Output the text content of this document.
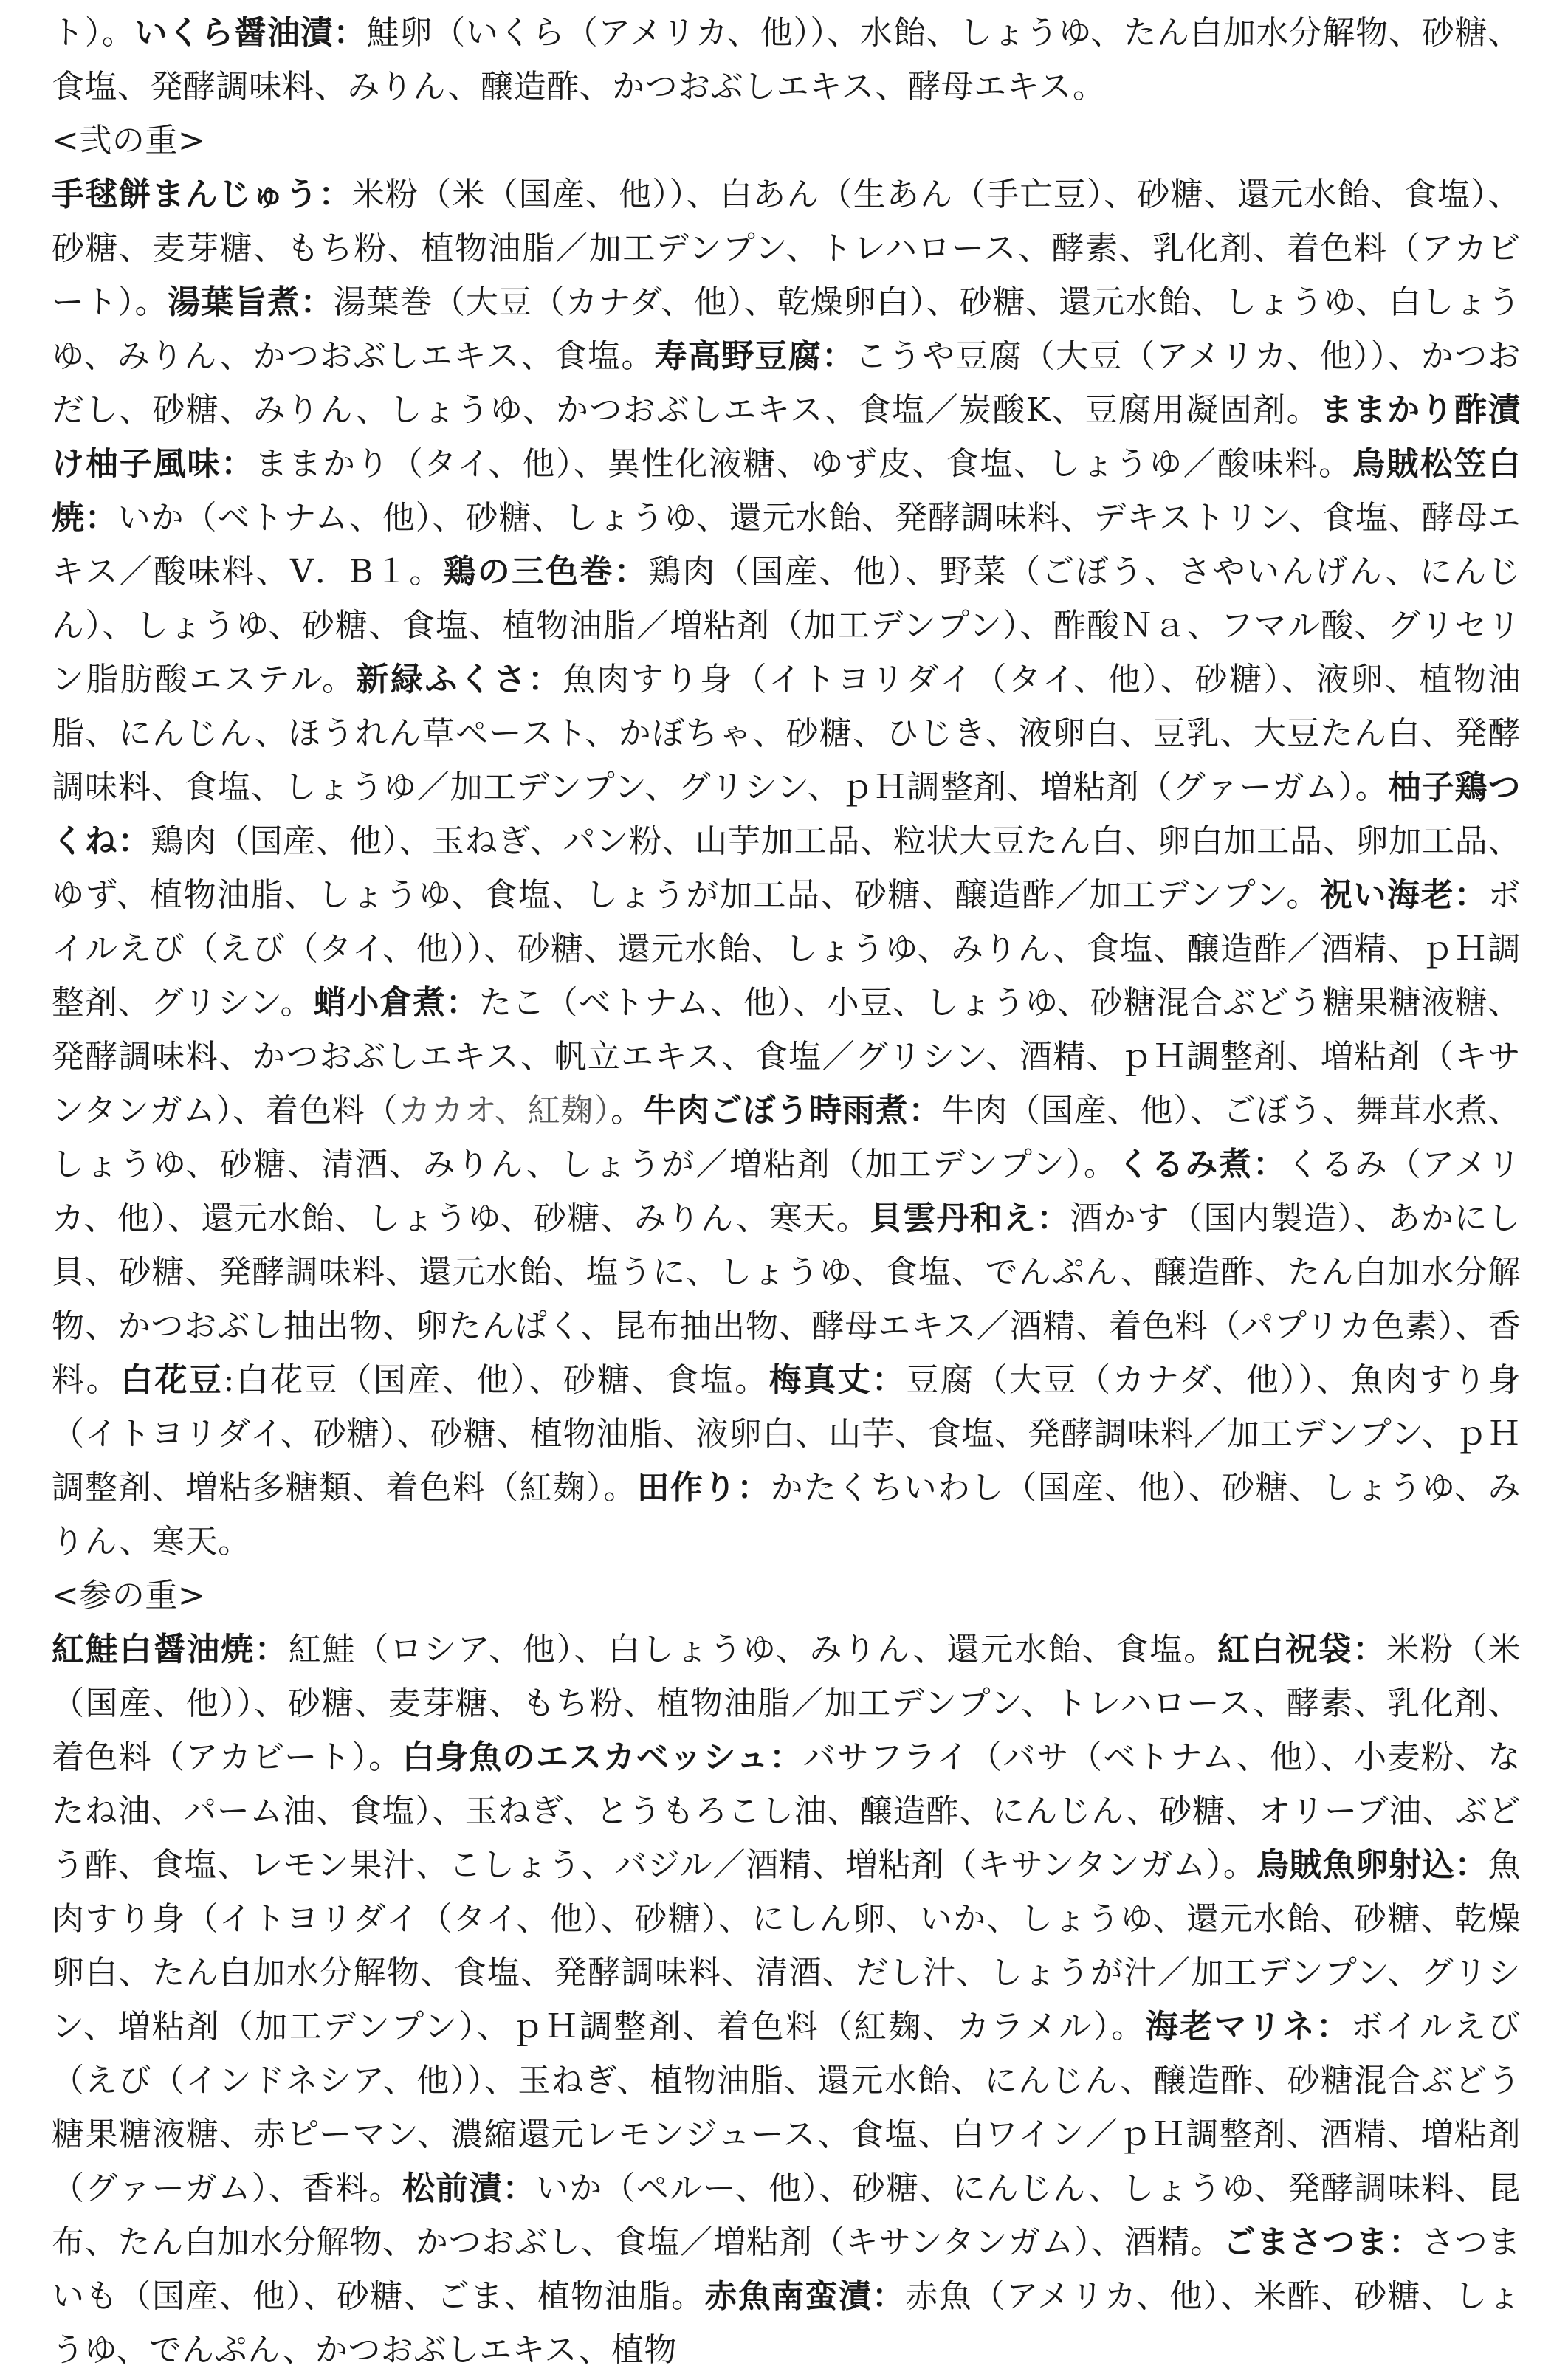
ト）。いくら醤油漬：鮭卵（いくら（アメリカ、他））、水飴、しょうゆ、たん白加水分解物、砂糖、食塩、発酵調味料、みりん、醸造酢、かつおぶしエキス、酵母エキス。

<弐の重>

手毬餅まんじゅう：米粉（米（国産、他））、白あん（生あん（手亡豆）、砂糖、還元水飴、食塩）、砂糖、麦芽糖、もち粉、植物油脂／加工デンプン、トレハロース、酵素、乳化剤、着色料（アカビート）。湯葉旨煮：湯葉巻（大豆（カナダ、他）、乾燥卵白）、砂糖、還元水飴、しょうゆ、白しょうゆ、みりん、かつおぶしエキス、食塩。寿高野豆腐：こうや豆腐（大豆（アメリカ、他））、かつおだし、砂糖、みりん、しょうゆ、かつおぶしエキス、食塩／炭酸K、豆腐用凝固剤。ままかり酢漬け柚子風味：ままかり（タイ、他）、異性化液糖、ゆず皮、食塩、しょうゆ／酸味料。烏賊松笠白焼：いか（ベトナム、他）、砂糖、しょうゆ、還元水飴、発酵調味料、デキストリン、食塩、酵母エキス／酸味料、V．B１。鶏の三色巻：鶏肉（国産、他）、野菜（ごぼう、さやいんげん、にんじん）、しょうゆ、砂糖、食塩、植物油脂／増粘剤（加工デンプン）、酢酸Ｎａ、フマル酸、グリセリン脂肪酸エステル。新緑ふくさ：魚肉すり身（イトヨリダイ（タイ、他）、砂糖）、液卵、植物油脂、にんじん、ほうれん草ペースト、かぼちゃ、砂糖、ひじき、液卵白、豆乳、大豆たん白、発酵調味料、食塩、しょうゆ／加工デンプン、グリシン、ｐＨ調整剤、増粘剤（グァーガム）。柚子鶏つくね：鶏肉（国産、他）、玉ねぎ、パン粉、山芋加工品、粒状大豆たん白、卵白加工品、卵加工品、ゆず、植物油脂、しょうゆ、食塩、しょうが加工品、砂糖、醸造酢／加工デンプン。祝い海老：ボイルえび（えび（タイ、他））、砂糖、還元水飴、しょうゆ、みりん、食塩、醸造酢／酒精、ｐＨ調整剤、グリシン。蛸小倉煮：たこ（ベトナム、他）、小豆、しょうゆ、砂糖混合ぶどう糖果糖液糖、発酵調味料、かつおぶしエキス、帆立エキス、食塩／グリシン、酒精、ｐＨ調整剤、増粘剤（キサンタンガム）、着色料（カカオ、紅麹）。牛肉ごぼう時雨煮：牛肉（国産、他）、ごぼう、舞茸水煮、しょうゆ、砂糖、清酒、みりん、しょうが／増粘剤（加工デンプン）。くるみ煮：くるみ（アメリカ、他）、還元水飴、しょうゆ、砂糖、みりん、寒天。貝雲丹和え：酒かす（国内製造）、あかにし貝、砂糖、発酵調味料、還元水飴、塩うに、しょうゆ、食塩、でんぷん、醸造酢、たん白加水分解物、かつおぶし抽出物、卵たんぱく、昆布抽出物、酵母エキス／酒精、着色料（パプリカ色素）、香料。白花豆:白花豆（国産、他）、砂糖、食塩。梅真丈：豆腐（大豆（カナダ、他））、魚肉すり身（イトヨリダイ、砂糖）、砂糖、植物油脂、液卵白、山芋、食塩、発酵調味料／加工デンプン、ｐＨ調整剤、増粘多糖類、着色料（紅麹）。田作り：かたくちいわし（国産、他）、砂糖、しょうゆ、みりん、寒天。

<参の重>

紅鮭白醤油焼：紅鮭（ロシア、他）、白しょうゆ、みりん、還元水飴、食塩。紅白祝袋：米粉（米（国産、他））、砂糖、麦芽糖、もち粉、植物油脂／加工デンプン、トレハロース、酵素、乳化剤、着色料（アカビート）。白身魚のエスカベッシュ：バサフライ（バサ（ベトナム、他）、小麦粉、なたね油、パーム油、食塩）、玉ねぎ、とうもろこし油、醸造酢、にんじん、砂糖、オリーブ油、ぶどう酢、食塩、レモン果汁、こしょう、バジル／酒精、増粘剤（キサンタンガム）。烏賊魚卵射込：魚肉すり身（イトヨリダイ（タイ、他）、砂糖）、にしん卵、いか、しょうゆ、還元水飴、砂糖、乾燥卵白、たん白加水分解物、食塩、発酵調味料、清酒、だし汁、しょうが汁／加工デンプン、グリシン、増粘剤（加工デンプン）、ｐＨ調整剤、着色料（紅麹、カラメル）。海老マリネ：ボイルえび（えび（インドネシア、他））、玉ねぎ、植物油脂、還元水飴、にんじん、醸造酢、砂糖混合ぶどう糖果糖液糖、赤ピーマン、濃縮還元レモンジュース、食塩、白ワイン／ｐＨ調整剤、酒精、増粘剤（グァーガム）、香料。松前漬：いか（ペルー、他）、砂糖、にんじん、しょうゆ、発酵調味料、昆布、たん白加水分解物、かつおぶし、食塩／増粘剤（キサンタンガム）、酒精。ごまさつま：さつまいも（国産、他）、砂糖、ごま、植物油脂。赤魚南蛮漬：赤魚（アメリカ、他）、米酢、砂糖、しょうゆ、でんぷん、かつおぶしエキス、植物
